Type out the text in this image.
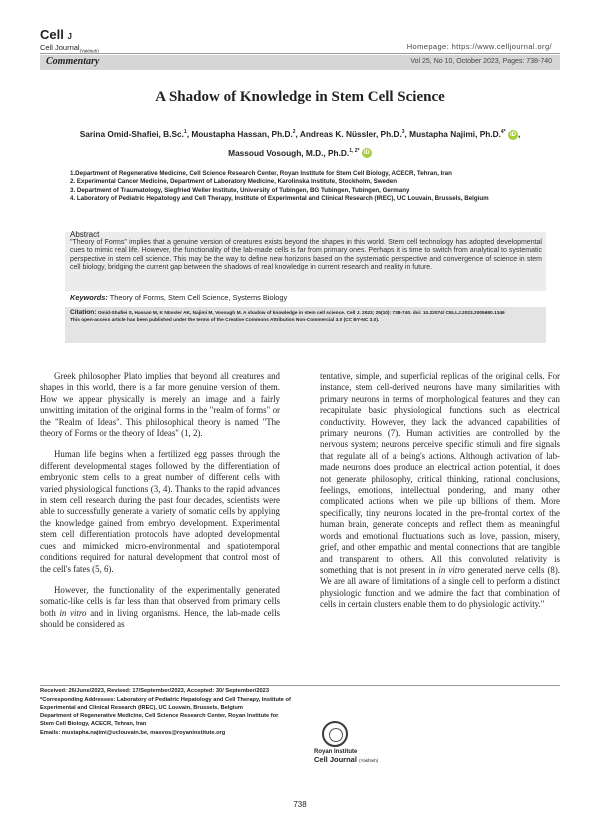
Cell J
Cell Journal$_{(Yakhteh)}$	Homepage: https://www.celljournal.org/
Commentary	Vol 25, No 10, October 2023, Pages: 738-740
A Shadow of Knowledge in Stem Cell Science
Sarina Omid-Shafiei, B.Sc.$^1$, Moustapha Hassan, Ph.D.$^2$, Andreas K. Nüssler, Ph.D.$^3$, Mustapha Najimi, Ph.D.$^{4*}$ iD ,
Massoud Vosough, M.D., Ph.D.$^{1, 2*}$ iD
1.Department of Regenerative Medicine, Cell Science Research Center, Royan Institute for Stem Cell Biology, ACECR, Tehran, Iran
2. Experimental Cancer Medicine, Department of Laboratory Medicine, Karolinska Institute, Stockholm, Sweden
3. Department of Traumatology, Siegfried Weller Institute, University of Tubingen, BG Tubingen, Tubingen, Germany
4. Laboratory of Pediatric Hepatology and Cell Therapy, Institute of Experimental and Clinical Research (IREC), UC Louvain, Brussels, Belgium
Abstract
"Theory of Forms" implies that a genuine version of creatures exists beyond the shapes in this world. Stem cell technology has adopted developmental cues to mimic real life. However, the functionality of the lab-made cells is far from primary ones. Perhaps it is time to switch from analytical to systematic perspective in stem cell science. This may be the way to define new horizons based on the systematic perspective and convergence of science in stem cell biology, bridging the current gap between the shadows of real knowledge in current research and reality in future.
Keywords: Theory of Forms, Stem Cell Science, Systems Biology
Citation: Omid-Shafiei S, Hassan M, K Nüssler AK, Najimi M, Vosough M. A shadow of knowledge in stem cell science. Cell J. 2023; 25(10): 738-740. doi: 10.22074/ CELLJ.2023.2005680.1346
This open-access article has been published under the terms of the Creative Commons Attribution Non-Commercial 3.0 (CC BY-NC 3.0).

Greek philosopher Plato implies that beyond all creatures and shapes in this world, there is a far more genuine version of them. How we appear physically is merely an image and a fairly unwitting imitation of the original forms in the "realm of forms" or the "Realm of Ideas". This philosophical theory is named "The theory of Forms or the theory of Ideas" (1, 2).

Human life begins when a fertilized egg passes through the different developmental stages followed by the differentiation of embryonic stem cells to a great number of different cells with varied physiological functions (3, 4). Thanks to the rapid advances in stem cell research during the past four decades, scientists were able to successfully generate a variety of somatic cells by applying the knowledge gained from embryo development. Experimental stem cell differentiation protocols have adopted developmental cues and mimicked micro-environmental and spatiotemporal conditions required for natural development that control most of the cell's fates (5, 6).

However, the functionality of the experimentally generated somatic-like cells is far less than that observed from primary cells both in vitro and in living organisms. Hence, the lab-made cells should be considered as

tentative, simple, and superficial replicas of the original cells. For instance, stem cell-derived neurons have many similarities with primary neurons in terms of morphological features and they can recapitulate basic physiological functions such as electrical conductivity. However, they lack the advanced capabilities of primary neurons (7). Human activities are controlled by the nervous system; neurons perceive specific stimuli and fire signals that regulate all of a being's actions. Although activation of lab-made neurons does produce an electrical action potential, it does not generate philosophy, critical thinking, rational conclusions, feelings, emotions, intellectual pondering, and many other complicated actions when we pile up billions of them. More specifically, tiny neurons located in the pre-frontal cortex of the human brain, generate concepts and reflect them as meaningful words and emotional fluctuations such as love, passion, misery, grief, and other empathic and mental connections that are tangible and transparent to others. All this convoluted relativity is something that is not present in in vitro generated nerve cells (8). We are all aware of limitations of a single cell to perform a distinct physiologic function and we admire the fact that combination of cells in certain clusters enable them to do physiologic activity."

Received: 26/June/2023, Revised: 17/September/2023, Accepted: 30/ September/2023
*Corresponding Addresses: Laboratory of Pediatric Hepatology and Cell Therapy, Institute of Experimental and Clinical Research (IREC), UC Louvain, Brussels, Belgium
Department of Regenerative Medicine, Cell Science Research Center, Royan Institute for Stem Cell Biology, ACECR, Tehran, Iran
Emails: mustapha.najimi@uclouvain.be, masvos@royaninstitute.org
Royan Institute
Cell Journal (Yakhteh)
738
